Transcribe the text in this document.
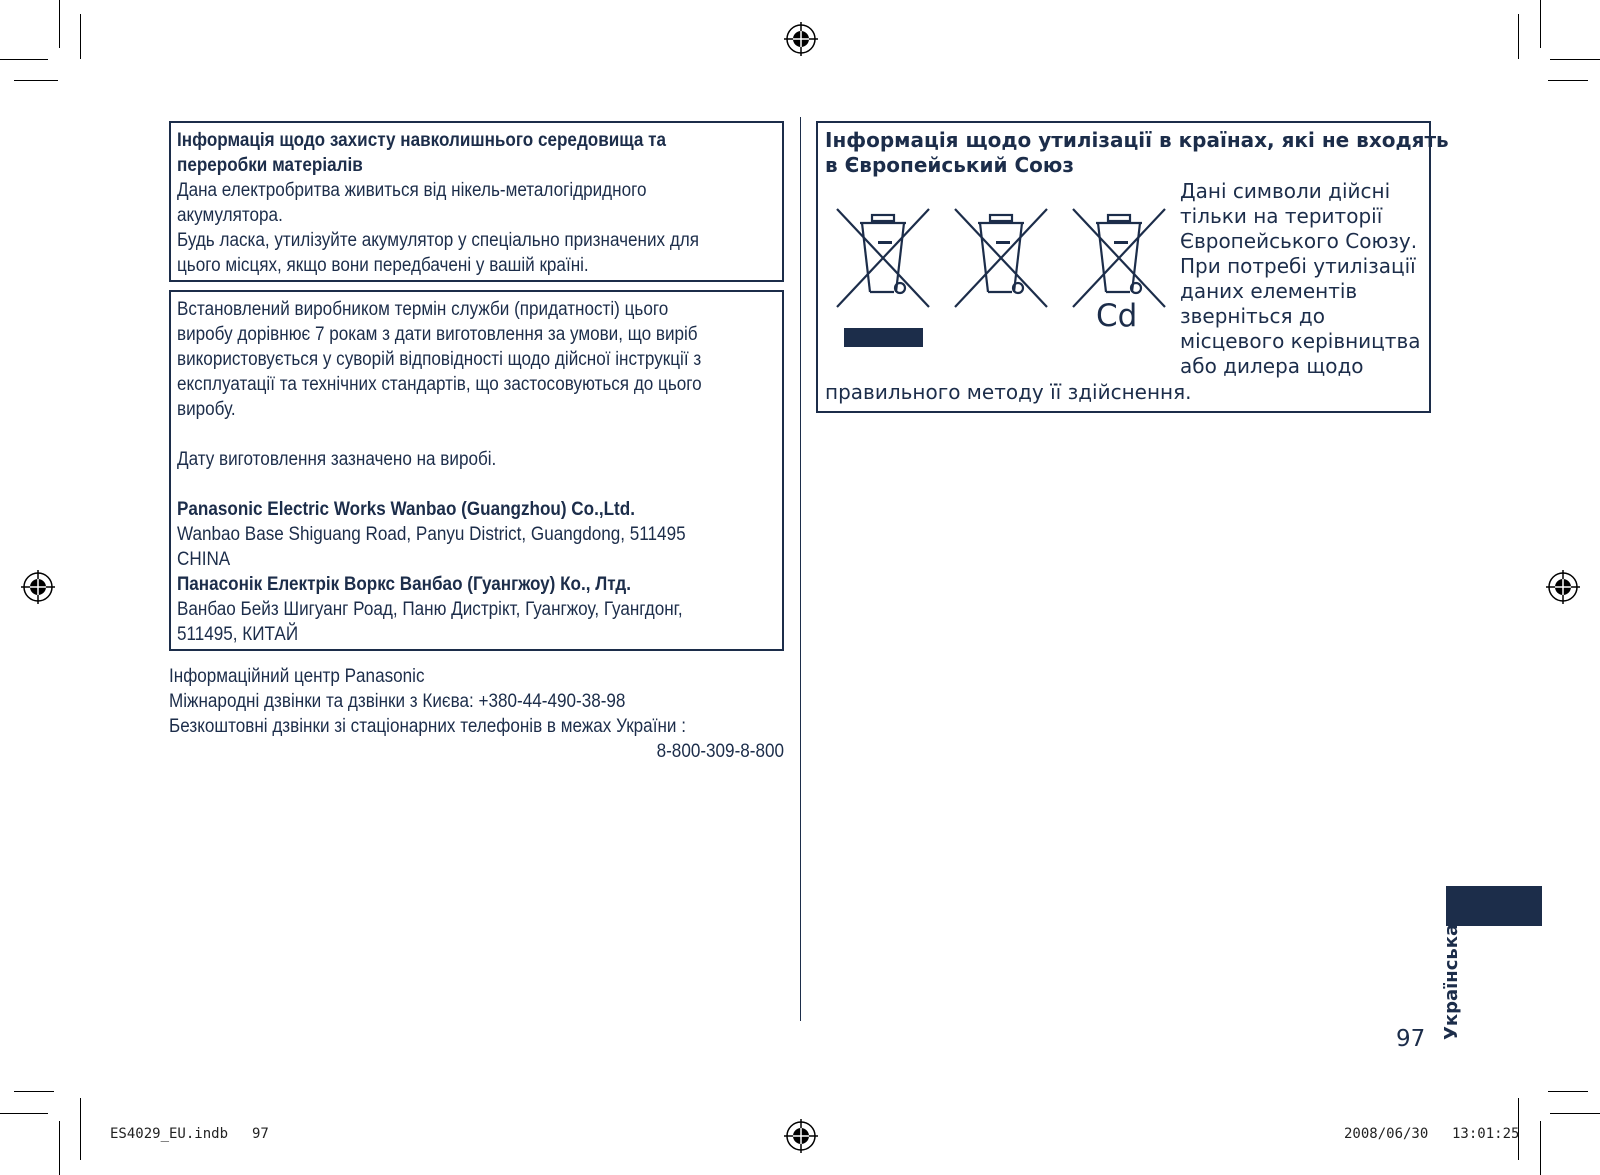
Інформація щодо захисту навколишнього середовища та
переробки матеріалів
Дана електробритва живиться від нікель-металогідридного
акумулятора.
Будь ласка, утилізуйте акумулятор у спеціально призначених для
цього місцях, якщо вони передбачені у вашій країні.
Встановлений виробником термін служби (придатності) цього
виробу дорівнює 7 рокам з дати виготовлення за умови, що виріб
використовується у суворій відповідності щодо дійсної інструкції з
експлуатації та технічних стандартів, що застосовуються до цього
виробу.
Дату виготовлення зазначено на виробі.
Panasonic Electric Works Wanbao (Guangzhou) Co.,Ltd.
Wanbao Base Shiguang Road, Panyu District, Guangdong, 511495
CHINA
Панасонік Електрік Воркс Ванбао (Гуангжоу) Ко., Лтд.
Ванбао Бейз Шигуанг Роад, Паню Дистрікт, Гуангжоу, Гуангдонг,
511495, КИТАЙ
Інформаційний центр Panasonic
Міжнародні дзвінки та дзвінки з Києва: +380-44-490-38-98
Безкоштовні дзвінки зі стаціонарних телефонів в межах України :
8-800-309-8-800
Інформація щодо утилізації в країнах, які не входять
в Європейський Союз
Дані символи дійсні
тільки на території
Європейського Союзу.
При потребі утилізації
даних елементів
зверніться до
місцевого керівництва
або дилера щодо
правильного методу її здійснення.
Cd
Українська
97
ES4029_EU.indb 97	2008/06/30 13:01:25
